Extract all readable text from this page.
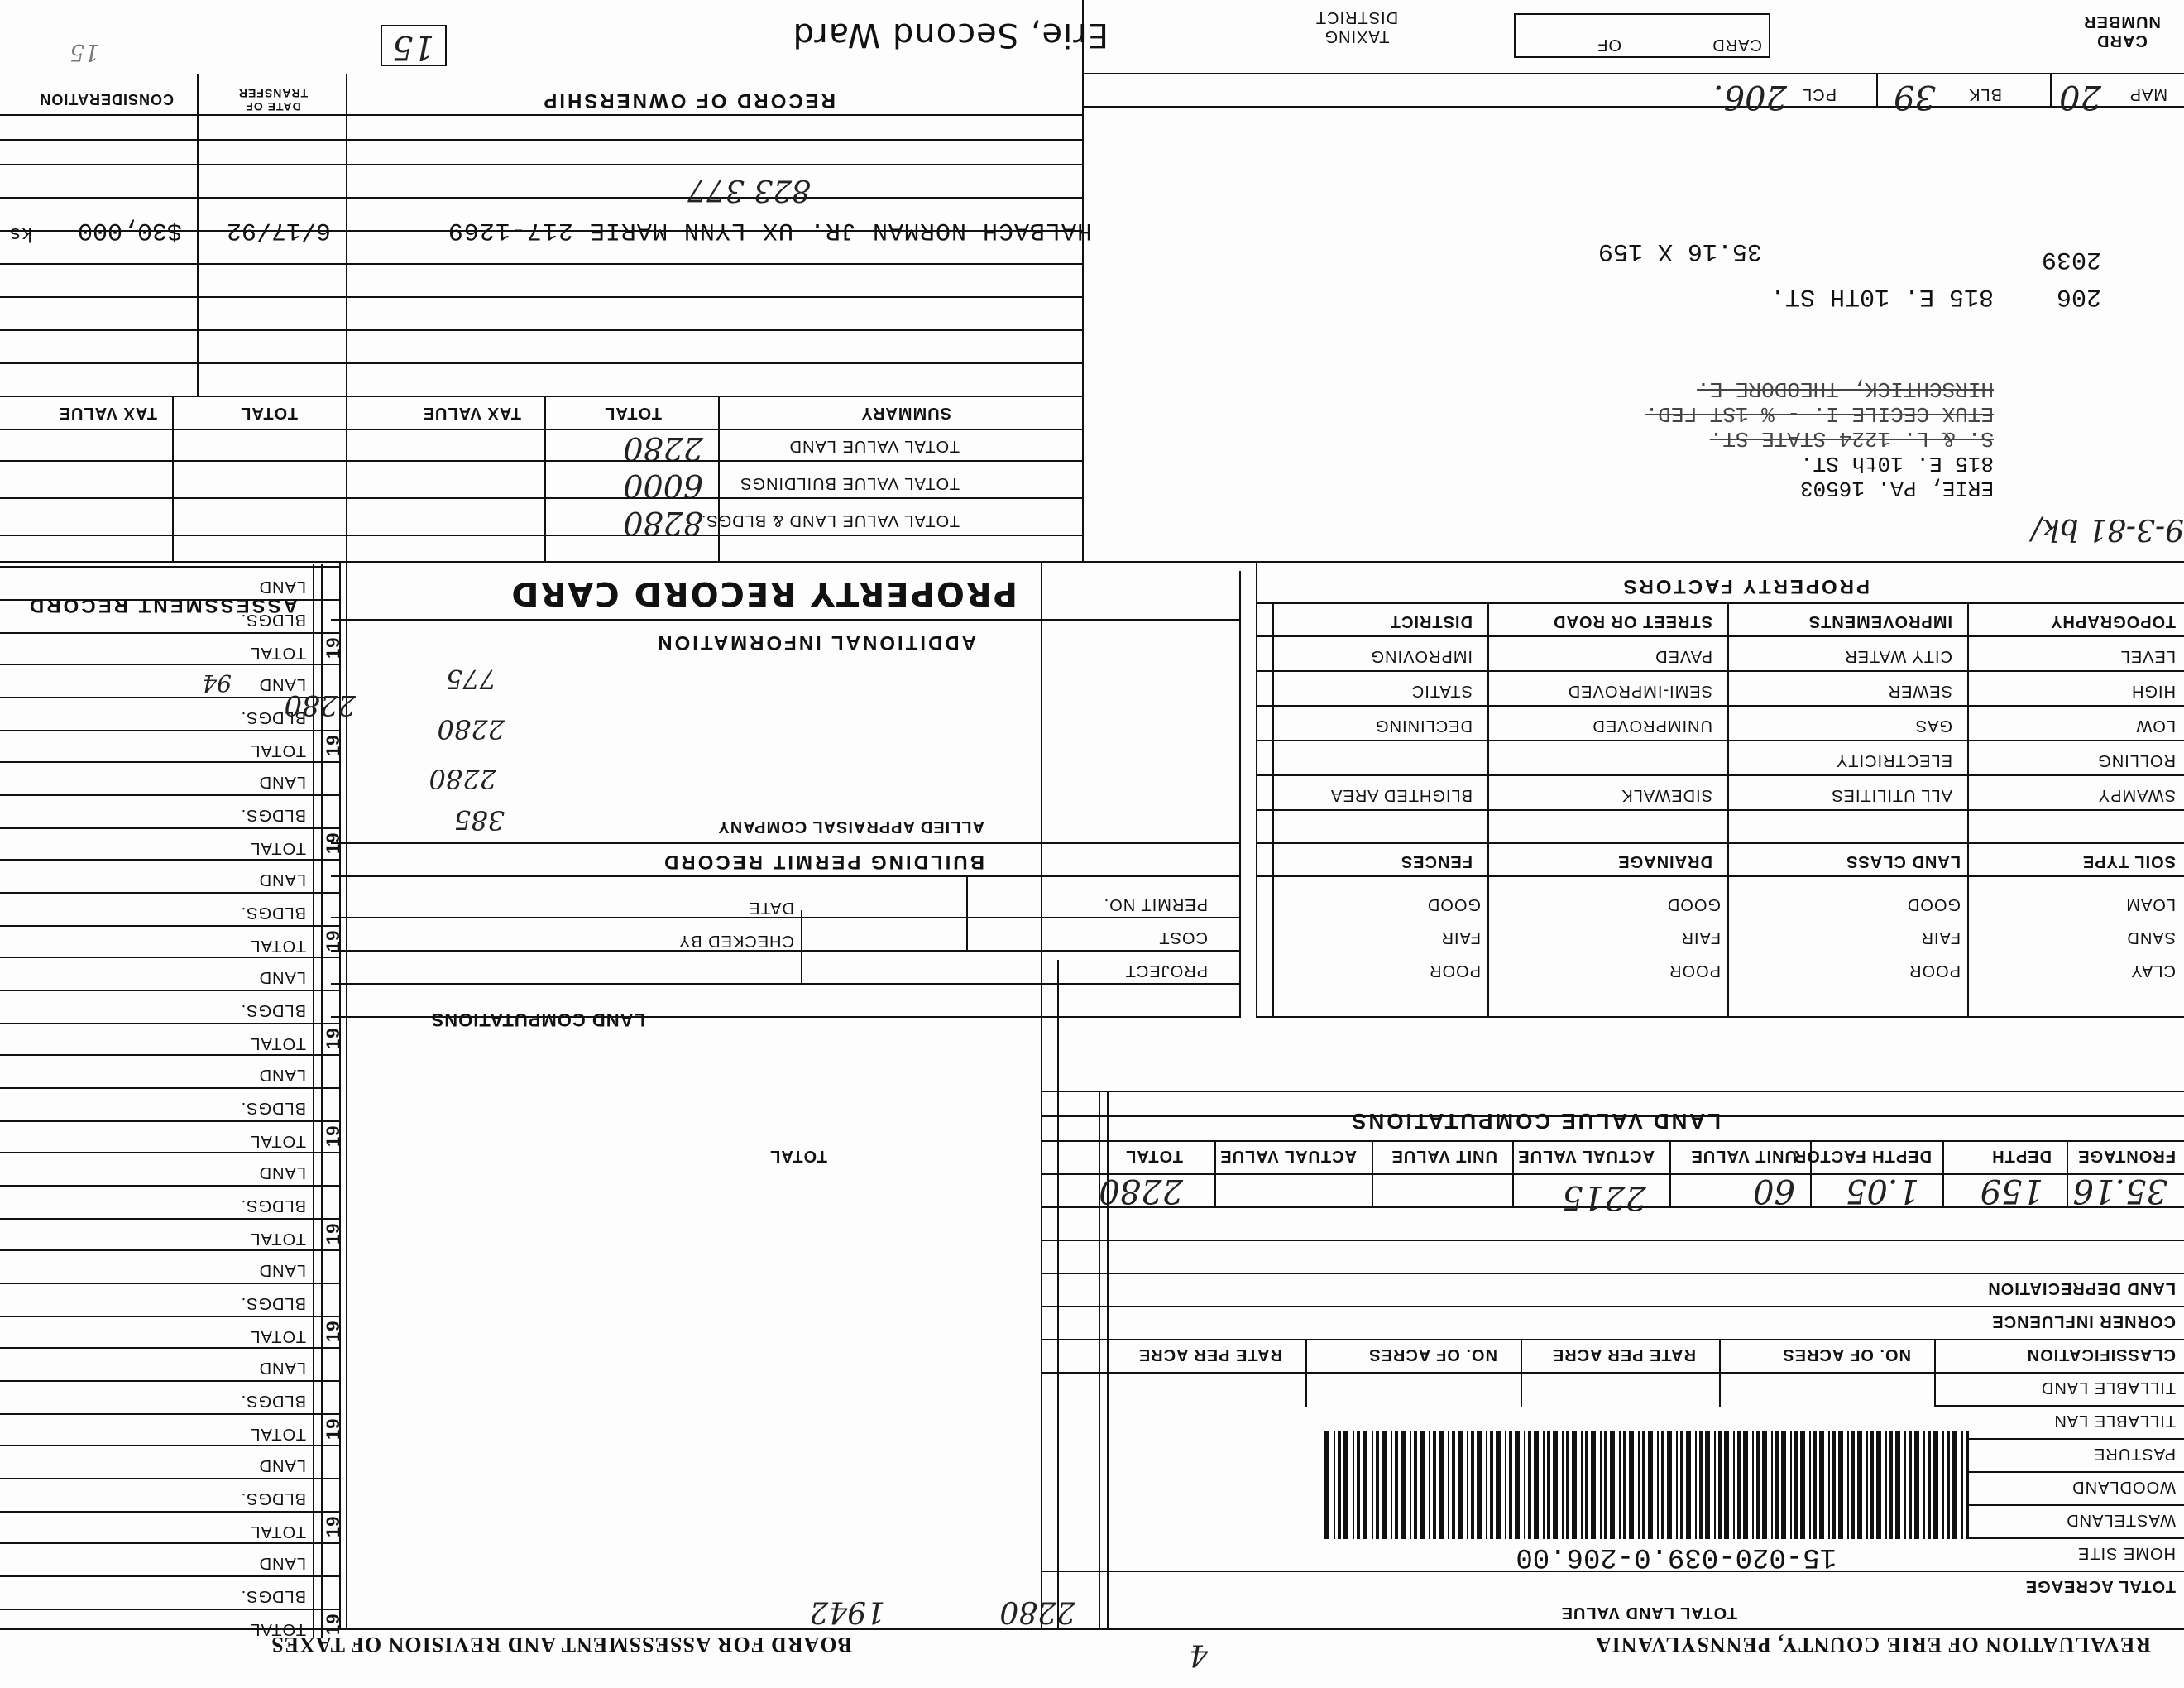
REVALUATION OF ERIE COUNTY, PENNSYLVANIA
BOARD FOR ASSESSMENT AND REVISION OF TAXES	4
TOTAL ACREAGE
HOME SITE
WASTELAND
WOODLAND
PASTURE
TILLABLE LAN
TILLABLE LAND
CLASSIFICATION
NO. OF ACRES
RATE PER ACRE
NO. OF ACRES
RATE PER ACRE
CORNER INFLUENCE
LAND DEPRECIATION
LAND VALUE COMPUTATIONS
FRONTAGE
DEPTH
DEPTH FACTOR
UNIT VALUE
ACTUAL VALUE
UNIT VALUE
ACTUAL VALUE
TOTAL
TOTAL
35.16
159
1.05
60
2215
2280
TOTAL LAND VALUE
2280
1942
15-020-039.0-206.00
LAND COMPUTATIONS
ASSESSMENT RECORD
PERMIT NO.
DATE
COST
CHECKED BY
PROJECT
BUILDING PERMIT RECORD
ALLIED APPRAISAL COMPANY
ADDITIONAL INFORMATION
385
2280
2280
775
PROPERTY RECORD CARD
LOAM
SAND
CLAY
GOOD
FAIR
POOR
GOOD
FAIR
POOR
GOOD
FAIR
POOR
SOIL TYPE
LAND CLASS
DRAINAGE
FENCES
TOPOGRAPHY
IMPROVEMENTS
STREET OR ROAD
DISTRICT
PROPERTY FACTORS
MAP
20
BLK
39
PCL
206.
2039
206
815 E. 10TH ST.
35.16 X 159
9-3-81 bk/
CARD NUMBER
CARD
OF
TAXING DISTRICT
Erie, Second Ward
15
SUMMARY
TOTAL
TAX VALUE
TOTAL
TAX VALUE
HALBACH NORMAN JR. UX LYNN MARIE 217-1269
6/17/92
$30,000
ks
823 377
RECORD OF OWNERSHIP
DATE OF TRANSFER
CONSIDERATION
15
LEVEL
CITY WATER
PAVED
IMPROVING
HIGH
SEWER
SEMI-IMPROVED
STATIC
LOW
GAS
UNIMPROVED
DECLINING
ROLLING
ELECTRICITY
SWAMPY
ALL UTILITIES
SIDEWALK
BLIGHTED AREA
TOTAL VALUE LAND
2280
TOTAL VALUE BUILDINGS
6000
TOTAL VALUE LAND & BLDGS.
8280
HIRSCHTICK, THEODORE E.
ETUX CECILE I. - % 1ST FED.
S. & L. 1224 STATE ST.
815 E. 10th ST.
ERIE, PA. 16503
TOTAL
BLDGS.
LAND
19
TOTAL
BLDGS.
LAND
19
TOTAL
BLDGS.
LAND
19
TOTAL
BLDGS.
LAND
19
TOTAL
BLDGS.
LAND
19
TOTAL
BLDGS.
LAND
19
TOTAL
BLDGS.
LAND
19
TOTAL
BLDGS.
LAND
19
TOTAL
BLDGS.
LAND
19
TOTAL
BLDGS.
LAND
19
TOTAL
BLDGS.
LAND
19
2280
94
